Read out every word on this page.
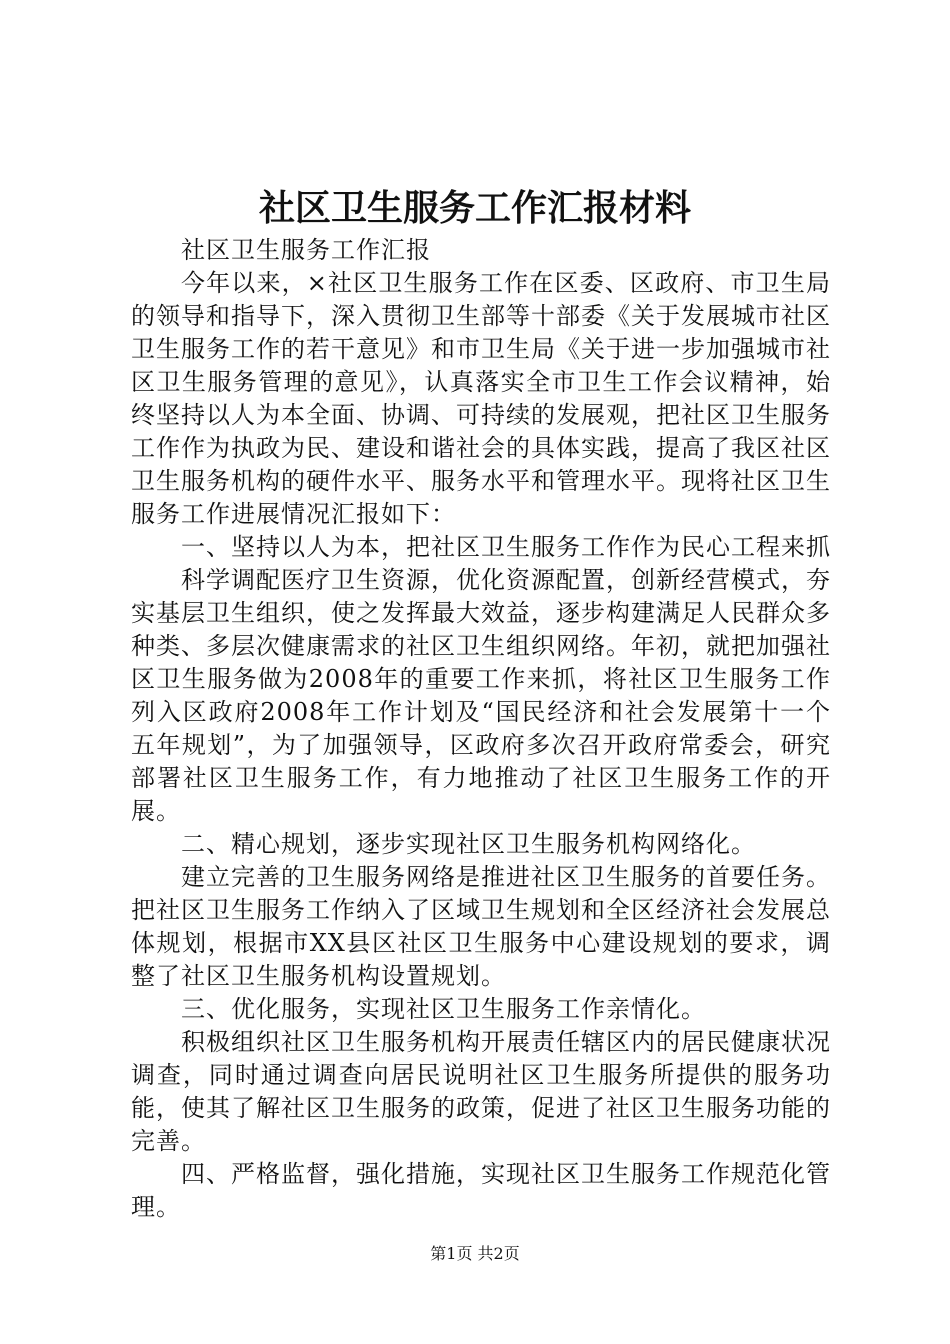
社区卫生服务工作汇报材料

社区卫生服务工作汇报

今年以来，×社区卫生服务工作在区委、区政府、市卫生局的领导和指导下，深入贯彻卫生部等十部委《关于发展城市社区卫生服务工作的若干意见》和市卫生局《关于进一步加强城市社区卫生服务管理的意见》，认真落实全市卫生工作会议精神，始终坚持以人为本全面、协调、可持续的发展观，把社区卫生服务工作作为执政为民、建设和谐社会的具体实践，提高了我区社区卫生服务机构的硬件水平、服务水平和管理水平。现将社区卫生服务工作进展情况汇报如下：

一、坚持以人为本，把社区卫生服务工作作为民心工程来抓

科学调配医疗卫生资源，优化资源配置，创新经营模式，夯实基层卫生组织，使之发挥最大效益，逐步构建满足人民群众多种类、多层次健康需求的社区卫生组织网络。年初，就把加强社区卫生服务做为2008年的重要工作来抓，将社区卫生服务工作列入区政府2008年工作计划及“国民经济和社会发展第十一个五年规划”，为了加强领导，区政府多次召开政府常委会，研究部署社区卫生服务工作，有力地推动了社区卫生服务工作的开展。

二、精心规划，逐步实现社区卫生服务机构网络化。

建立完善的卫生服务网络是推进社区卫生服务的首要任务。把社区卫生服务工作纳入了区域卫生规划和全区经济社会发展总体规划，根据市XX县区社区卫生服务中心建设规划的要求，调整了社区卫生服务机构设置规划。

三、优化服务，实现社区卫生服务工作亲情化。

积极组织社区卫生服务机构开展责任辖区内的居民健康状况调查，同时通过调查向居民说明社区卫生服务所提供的服务功能，使其了解社区卫生服务的政策，促进了社区卫生服务功能的完善。

四、严格监督，强化措施，实现社区卫生服务工作规范化管理。

第1页 共2页
